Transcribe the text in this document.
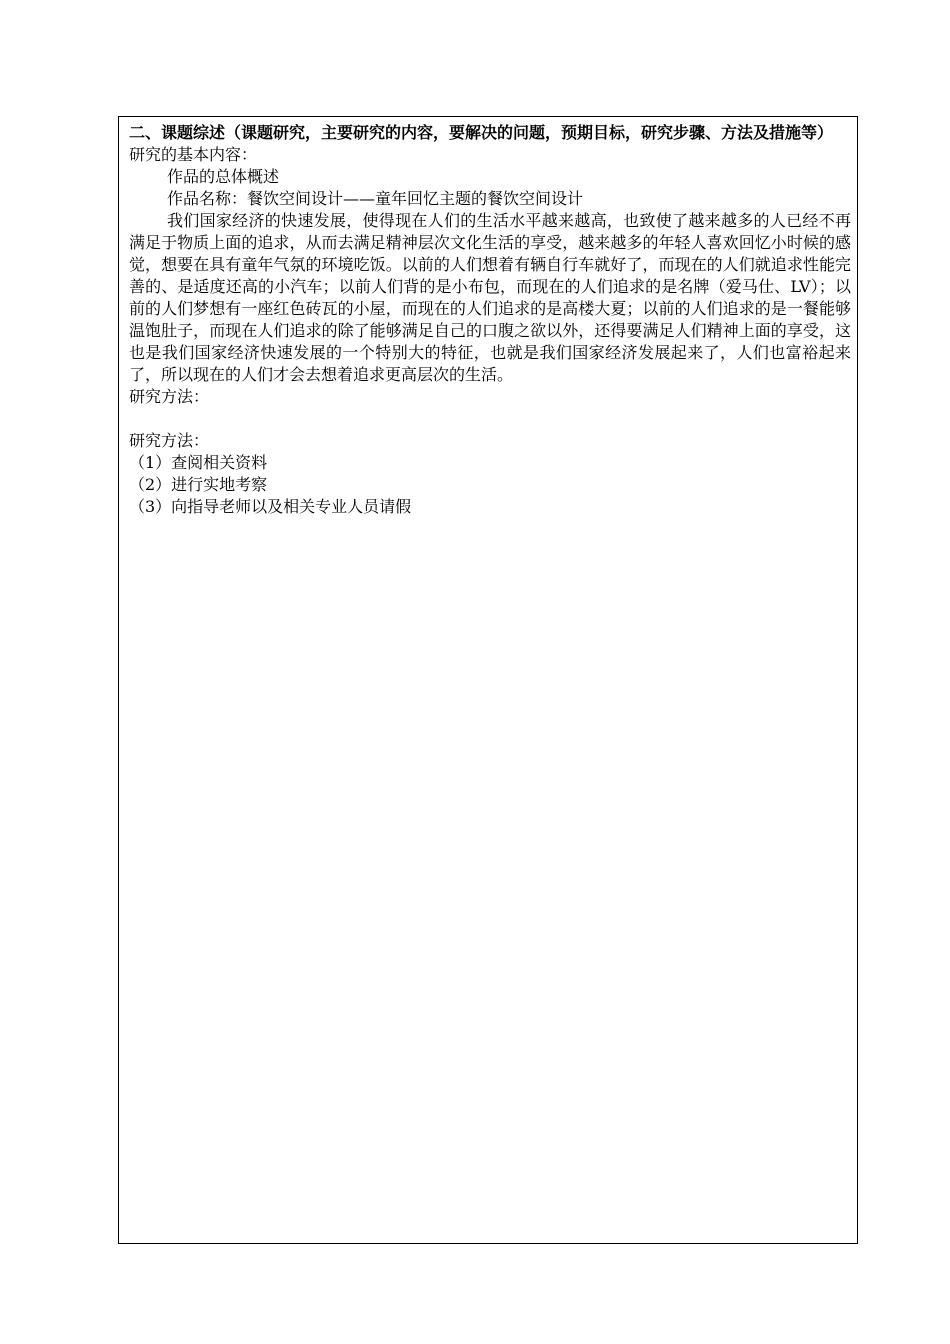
二、课题综述（课题研究，主要研究的内容，要解决的问题，预期目标，研究步骤、方法及措施等）

研究的基本内容：

作品的总体概述

作品名称：餐饮空间设计——童年回忆主题的餐饮空间设计

我们国家经济的快速发展，使得现在人们的生活水平越来越高，也致使了越来越多的人已经不再满足于物质上面的追求，从而去满足精神层次文化生活的享受，越来越多的年轻人喜欢回忆小时候的感觉，想要在具有童年气氛的环境吃饭。以前的人们想着有辆自行车就好了，而现在的人们就追求性能完善的、是适度还高的小汽车；以前人们背的是小布包，而现在的人们追求的是名牌（爱马仕、LV）；以前的人们梦想有一座红色砖瓦的小屋，而现在的人们追求的是高楼大夏；以前的人们追求的是一餐能够温饱肚子，而现在人们追求的除了能够满足自己的口腹之欲以外，还得要满足人们精神上面的享受，这也是我们国家经济快速发展的一个特别大的特征，也就是我们国家经济发展起来了，人们也富裕起来了，所以现在的人们才会去想着追求更高层次的生活。

研究方法：

研究方法：

（1）查阅相关资料

（2）进行实地考察

（3）向指导老师以及相关专业人员请假
